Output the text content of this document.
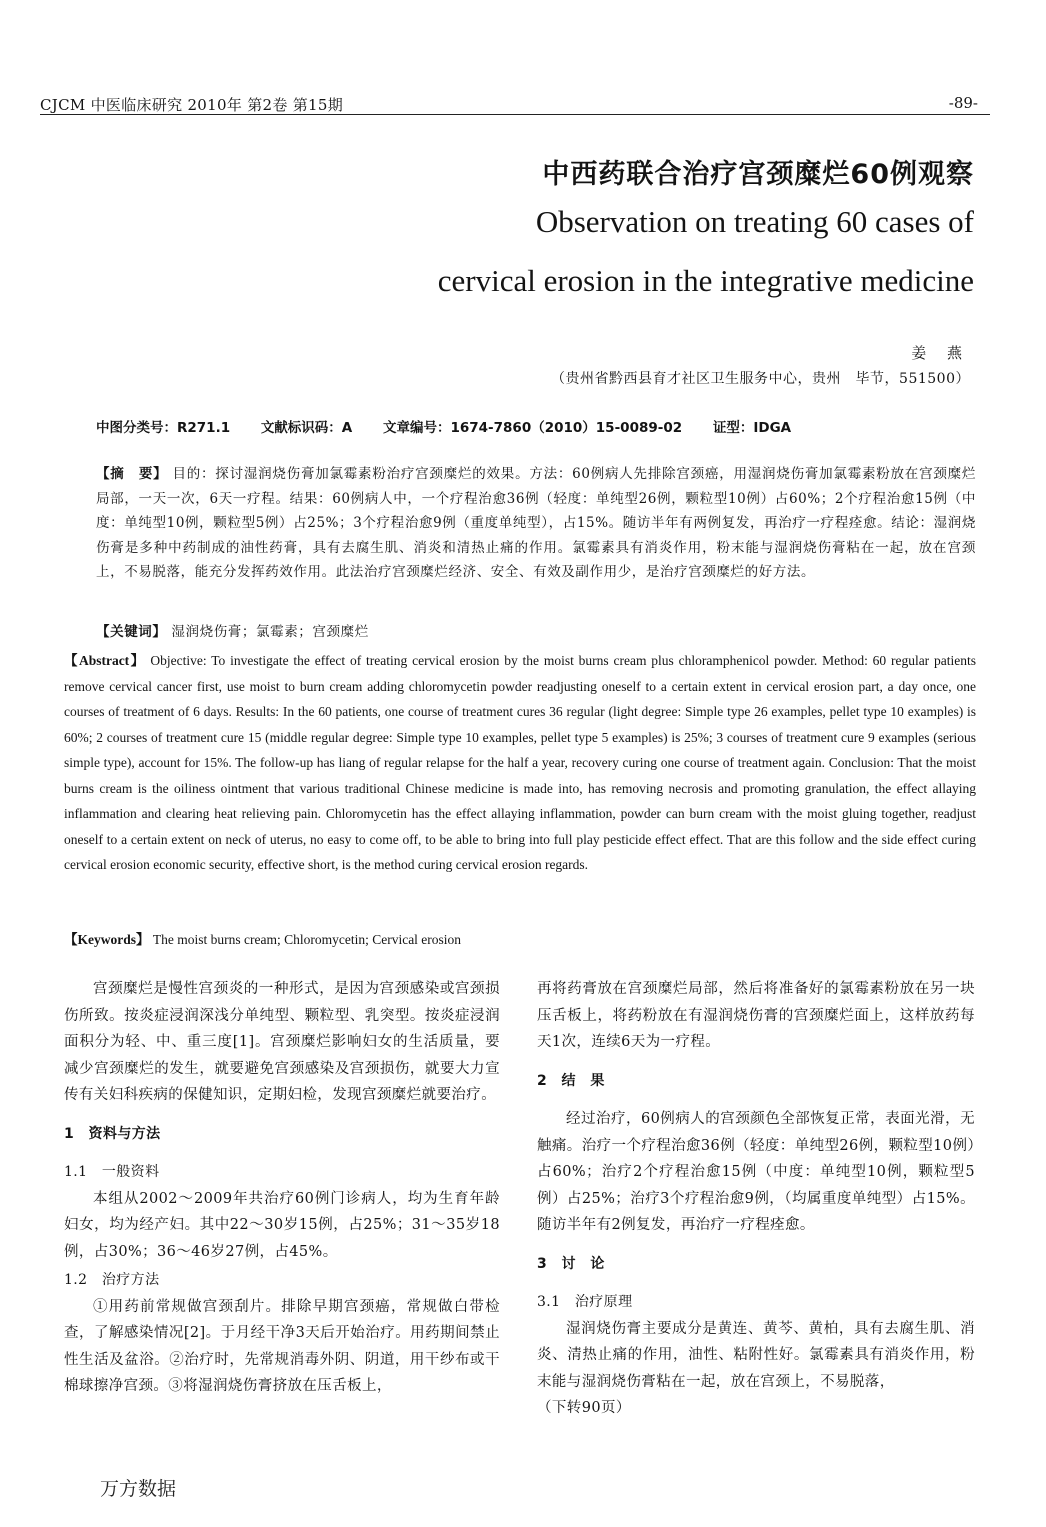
CJCM 中医临床研究 2010年 第2卷 第15期	-89-
中西药联合治疗宫颈糜烂60例观察
Observation on treating 60 cases of
cervical erosion in the integrative medicine
姜 燕
（贵州省黔西县育才社区卫生服务中心，贵州　毕节，551500）
中图分类号：R271.1 文献标识码：A 文章编号：1674-7860（2010）15-0089-02 证型：IDGA
【摘　要】 目的：探讨湿润烧伤膏加氯霉素粉治疗宫颈糜烂的效果。方法：60例病人先排除宫颈癌，用湿润烧伤膏加氯霉素粉放在宫颈糜烂局部，一天一次，6天一疗程。结果：60例病人中，一个疗程治愈36例（轻度：单纯型26例，颗粒型10例）占60%；2个疗程治愈15例（中度：单纯型10例，颗粒型5例）占25%；3个疗程治愈9例（重度单纯型），占15%。随访半年有两例复发，再治疗一疗程痊愈。结论：湿润烧伤膏是多种中药制成的油性药膏，具有去腐生肌、消炎和清热止痛的作用。氯霉素具有消炎作用，粉末能与湿润烧伤膏粘在一起，放在宫颈上，不易脱落，能充分发挥药效作用。此法治疗宫颈糜烂经济、安全、有效及副作用少，是治疗宫颈糜烂的好方法。
【关键词】 湿润烧伤膏；氯霉素；宫颈糜烂
【Abstract】 Objective: To investigate the effect of treating cervical erosion by the moist burns cream plus chloramphenicol powder. Method: 60 regular patients remove cervical cancer first, use moist to burn cream adding chloromycetin powder readjusting oneself to a certain extent in cervical erosion part, a day once, one courses of treatment of 6 days. Results: In the 60 patients, one course of treatment cures 36 regular (light degree: Simple type 26 examples, pellet type 10 examples) is 60%; 2 courses of treatment cure 15 (middle regular degree: Simple type 10 examples, pellet type 5 examples) is 25%; 3 courses of treatment cure 9 examples (serious simple type), account for 15%. The follow-up has liang of regular relapse for the half a year, recovery curing one course of treatment again. Conclusion: That the moist burns cream is the oiliness ointment that various traditional Chinese medicine is made into, has removing necrosis and promoting granulation, the effect allaying inflammation and clearing heat relieving pain. Chloromycetin has the effect allaying inflammation, powder can burn cream with the moist gluing together, readjust oneself to a certain extent on neck of uterus, no easy to come off, to be able to bring into full play pesticide effect effect. That are this follow and the side effect curing cervical erosion economic security, effective short, is the method curing cervical erosion regards.
【Keywords】 The moist burns cream; Chloromycetin; Cervical erosion

宫颈糜烂是慢性宫颈炎的一种形式，是因为宫颈感染或宫颈损伤所致。按炎症浸润深浅分单纯型、颗粒型、乳突型。按炎症浸润面积分为轻、中、重三度[1]。宫颈糜烂影响妇女的生活质量，要减少宫颈糜烂的发生，就要避免宫颈感染及宫颈损伤，就要大力宣传有关妇科疾病的保健知识，定期妇检，发现宫颈糜烂就要治疗。

1　资料与方法
1.1　一般资料

本组从2002～2009年共治疗60例门诊病人，均为生育年龄妇女，均为经产妇。其中22～30岁15例，占25%；31～35岁18例，占30%；36～46岁27例，占45%。

1.2　治疗方法

①用药前常规做宫颈刮片。排除早期宫颈癌，常规做白带检查，了解感染情况[2]。于月经干净3天后开始治疗。用药期间禁止性生活及盆浴。②治疗时，先常规消毒外阴、阴道，用干纱布或干棉球擦净宫颈。③将湿润烧伤膏挤放在压舌板上，

再将药膏放在宫颈糜烂局部，然后将准备好的氯霉素粉放在另一块压舌板上，将药粉放在有湿润烧伤膏的宫颈糜烂面上，这样放药每天1次，连续6天为一疗程。

2　结　果

经过治疗，60例病人的宫颈颜色全部恢复正常，表面光滑，无触痛。治疗一个疗程治愈36例（轻度：单纯型26例，颗粒型10例）占60%；治疗2个疗程治愈15例（中度：单纯型10例，颗粒型5例）占25%；治疗3个疗程治愈9例，（均属重度单纯型）占15%。随访半年有2例复发，再治疗一疗程痊愈。

3　讨　论
3.1　治疗原理

湿润烧伤膏主要成分是黄连、黄芩、黄柏，具有去腐生肌、消炎、清热止痛的作用，油性、粘附性好。氯霉素具有消炎作用，粉末能与湿润烧伤膏粘在一起，放在宫颈上，不易脱落，

（下转90页）
万方数据
